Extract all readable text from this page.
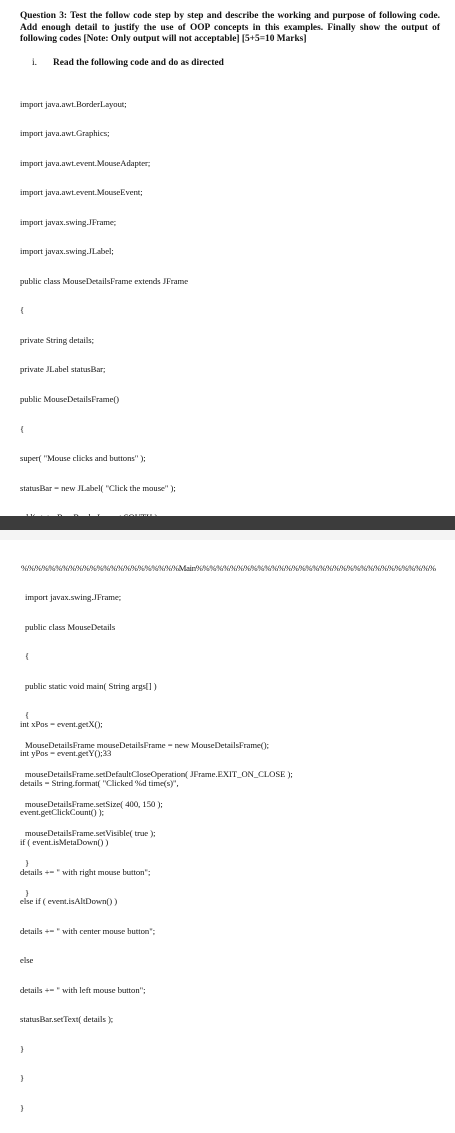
Question 3: Test the follow code step by step and describe the working and purpose of following code. Add enough detail to justify the use of OOP concepts in this examples. Finally show the output of following codes [Note: Only output will not acceptable] [5+5=10 Marks]
i. Read the following code and do as directed

import java.awt.BorderLayout;

import java.awt.Graphics;

import java.awt.event.MouseAdapter;

import java.awt.event.MouseEvent;

import javax.swing.JFrame;

import javax.swing.JLabel;

public class MouseDetailsFrame extends JFrame

{

private String details;

private JLabel statusBar;

public MouseDetailsFrame()

{

super( "Mouse clicks and buttons" );

statusBar = new JLabel( "Click the mouse" );

int xPos = event.getX();

int yPos = event.getY();33

details = String.format( "Clicked %d time(s)",

event.getClickCount() );

if ( event.isMetaDown() )

details += " with right mouse button";

else if ( event.isAltDown() )

details += " with center mouse button";

else

details += " with left mouse button";

statusBar.setText( details );

}

}

}

%%%%%%%%%%%%%%%%%%%%%%%Main%%%%%%%%%%%%%%%%%%%%%%%%%%%%%%%%%%%

import javax.swing.JFrame;

public class MouseDetails

{

public static void main( String args[] )

{

MouseDetailsFrame mouseDetailsFrame = new MouseDetailsFrame();

mouseDetailsFrame.setDefaultCloseOperation( JFrame.EXIT_ON_CLOSE );

mouseDetailsFrame.setSize( 400, 150 );

mouseDetailsFrame.setVisible( true );

}

}
